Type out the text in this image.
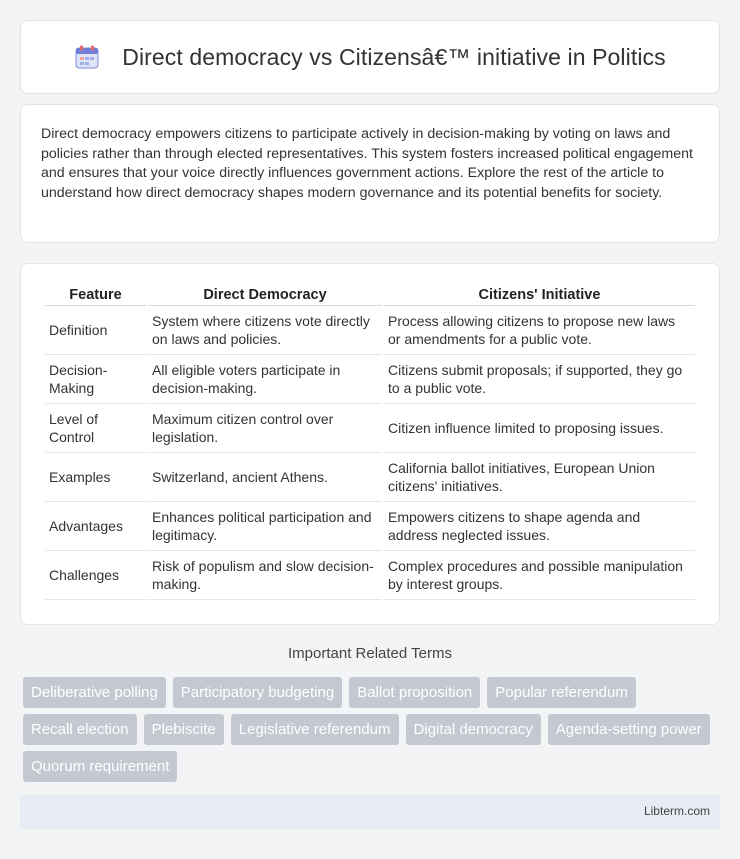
Direct democracy vs Citizensâ€™ initiative in Politics

Direct democracy empowers citizens to participate actively in decision-making by voting on laws and policies rather than through elected representatives. This system fosters increased political engagement and ensures that your voice directly influences government actions. Explore the rest of the article to understand how direct democracy shapes modern governance and its potential benefits for society.

Feature	Direct Democracy	Citizens' Initiative
Definition	System where citizens vote directly on laws and policies.	Process allowing citizens to propose new laws or amendments for a public vote.
Decision-Making	All eligible voters participate in decision-making.	Citizens submit proposals; if supported, they go to a public vote.
Level of Control	Maximum citizen control over legislation.	Citizen influence limited to proposing issues.
Examples	Switzerland, ancient Athens.	California ballot initiatives, European Union citizens' initiatives.
Advantages	Enhances political participation and legitimacy.	Empowers citizens to shape agenda and address neglected issues.
Challenges	Risk of populism and slow decision-making.	Complex procedures and possible manipulation by interest groups.
Important Related Terms
Deliberative polling	Participatory budgeting	Ballot proposition	Popular referendum
Recall election	Plebiscite	Legislative referendum	Digital democracy	Agenda-setting power
Quorum requirement
Libterm.com
